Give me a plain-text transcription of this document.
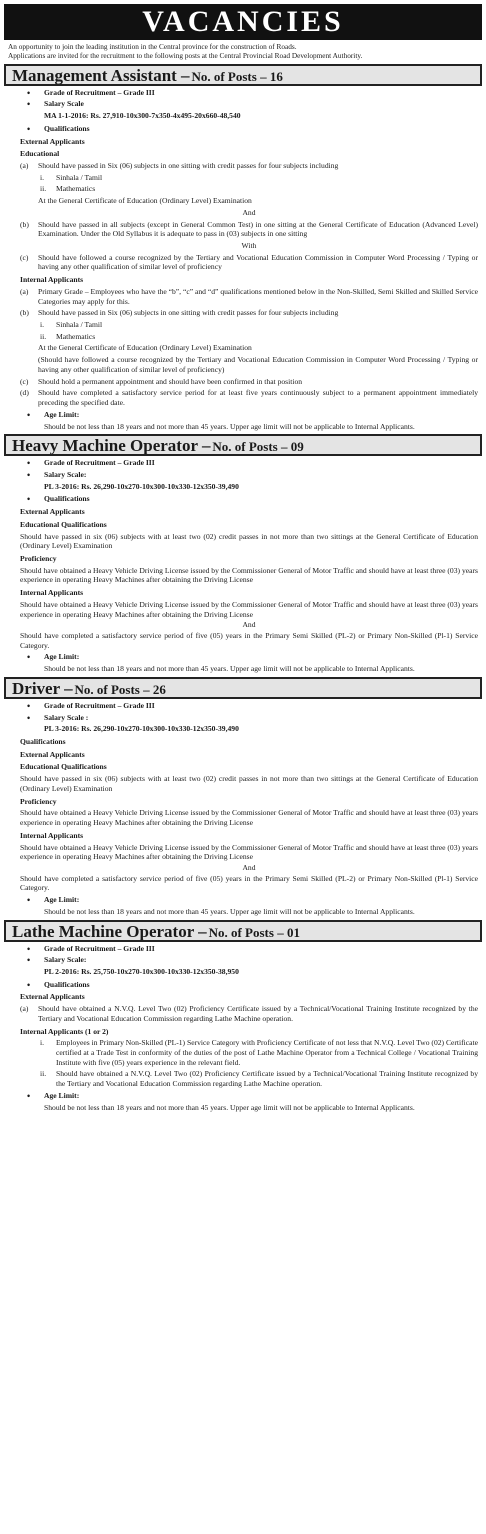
VACANCIES
An opportunity to join the leading institution in the Central province for the construction of Roads.
Applications are invited for the recruitment to the following posts at the Central Provincial Road Development Authority.
Management Assistant – No. of Posts – 16
• Grade of Recruitment – Grade III
• Salary Scale
MA 1-1-2016: Rs. 27,910-10x300-7x350-4x495-20x660-48,540
• Qualifications
External Applicants
Educational
(a) Should have passed in Six (06) subjects in one sitting with credit passes for four subjects including
i. Sinhala / Tamil
ii. Mathematics
At the General Certificate of Education (Ordinary Level) Examination
And
(b) Should have passed in all subjects (except in General Common Test) in one sitting at the General Certificate of Education (Advanced Level) Examination. Under the Old Syllabus it is adequate to pass in (03) subjects in one sitting
With
(c) Should have followed a course recognized by the Tertiary and Vocational Education Commission in Computer Word Processing / Typing or having any other qualification of similar level of proficiency
Internal Applicants
(a) Primary Grade – Employees who have the “b”, “c” and “d” qualifications mentioned below in the Non-Skilled, Semi Skilled and Skilled Service Categories may apply for this.
(b) Should have passed in Six (06) subjects in one sitting with credit passes for four subjects including
i. Sinhala / Tamil
ii. Mathematics
At the General Certificate of Education (Ordinary Level) Examination
(Should have followed a course recognized by the Tertiary and Vocational Education Commission in Computer Word Processing / Typing or having any other qualification of similar level of proficiency)
(c) Should hold a permanent appointment and should have been confirmed in that position
(d) Should have completed a satisfactory service period for at least five years continuously subject to a permanent appointment immediately preceding the specified date.
• Age Limit:
Should be not less than 18 years and not more than 45 years. Upper age limit will not be applicable to Internal Applicants.
Heavy Machine Operator – No. of Posts – 09
• Grade of Recruitment – Grade III
• Salary Scale:
PL 3-2016: Rs. 26,290-10x270-10x300-10x330-12x350-39,490
• Qualifications
External Applicants
Educational Qualifications
Should have passed in six (06) subjects with at least two (02) credit passes in not more than two sittings at the General Certificate of Education (Ordinary Level) Examination
Proficiency
Should have obtained a Heavy Vehicle Driving License issued by the Commissioner General of Motor Traffic and should have at least three (03) years experience in operating Heavy Machines after obtaining the Driving License
Internal Applicants
Should have obtained a Heavy Vehicle Driving License issued by the Commissioner General of Motor Traffic and should have at least three (03) years experience in operating Heavy Machines after obtaining the Driving License
And
Should have completed a satisfactory service period of five (05) years in the Primary Semi Skilled (PL-2) or Primary Non-Skilled (Pl-1) Service Category.
• Age Limit:
Should be not less than 18 years and not more than 45 years. Upper age limit will not be applicable to Internal Applicants.
Driver – No. of Posts – 26
• Grade of Recruitment – Grade III
• Salary Scale :
PL 3-2016: Rs. 26,290-10x270-10x300-10x330-12x350-39,490
Qualifications
External Applicants
Educational Qualifications
Should have passed in six (06) subjects with at least two (02) credit passes in not more than two sittings at the General Certificate of Education (Ordinary Level) Examination
Proficiency
Should have obtained a Heavy Vehicle Driving License issued by the Commissioner General of Motor Traffic and should have at least three (03) years experience in operating Heavy Machines after obtaining the Driving License
Internal Applicants
Should have obtained a Heavy Vehicle Driving License issued by the Commissioner General of Motor Traffic and should have at least three (03) years experience in operating Heavy Machines after obtaining the Driving License
And
Should have completed a satisfactory service period of five (05) years in the Primary Semi Skilled (PL-2) or Primary Non-Skilled (Pl-1) Service Category.
• Age Limit:
Should be not less than 18 years and not more than 45 years. Upper age limit will not be applicable to Internal Applicants.
Lathe Machine Operator – No. of Posts – 01
• Grade of Recruitment – Grade III
• Salary Scale:
PL 2-2016: Rs. 25,750-10x270-10x300-10x330-12x350-38,950
• Qualifications
External Applicants
(a) Should have obtained a N.V.Q. Level Two (02) Proficiency Certificate issued by a Technical/Vocational Training Institute recognized by the Tertiary and Vocational Education Commission regarding Lathe Machine operation.
Internal Applicants (1 or 2)
i. Employees in Primary Non-Skilled (PL-1) Service Category with Proficiency Certificate of not less that N.V.Q. Level Two (02) Certificate certified at a Trade Test in conformity of the duties of the post of Lathe Machine Operator from a Technical College / Vocational Training Institute with five (05) years experience in the relevant field.
ii. Should have obtained a N.V.Q. Level Two (02) Proficiency Certificate issued by a Technical/Vocational Training Institute recognized by the Tertiary and Vocational Education Commission regarding Lathe Machine operation.
• Age Limit:
Should be not less than 18 years and not more than 45 years. Upper age limit will not be applicable to Internal Applicants.
